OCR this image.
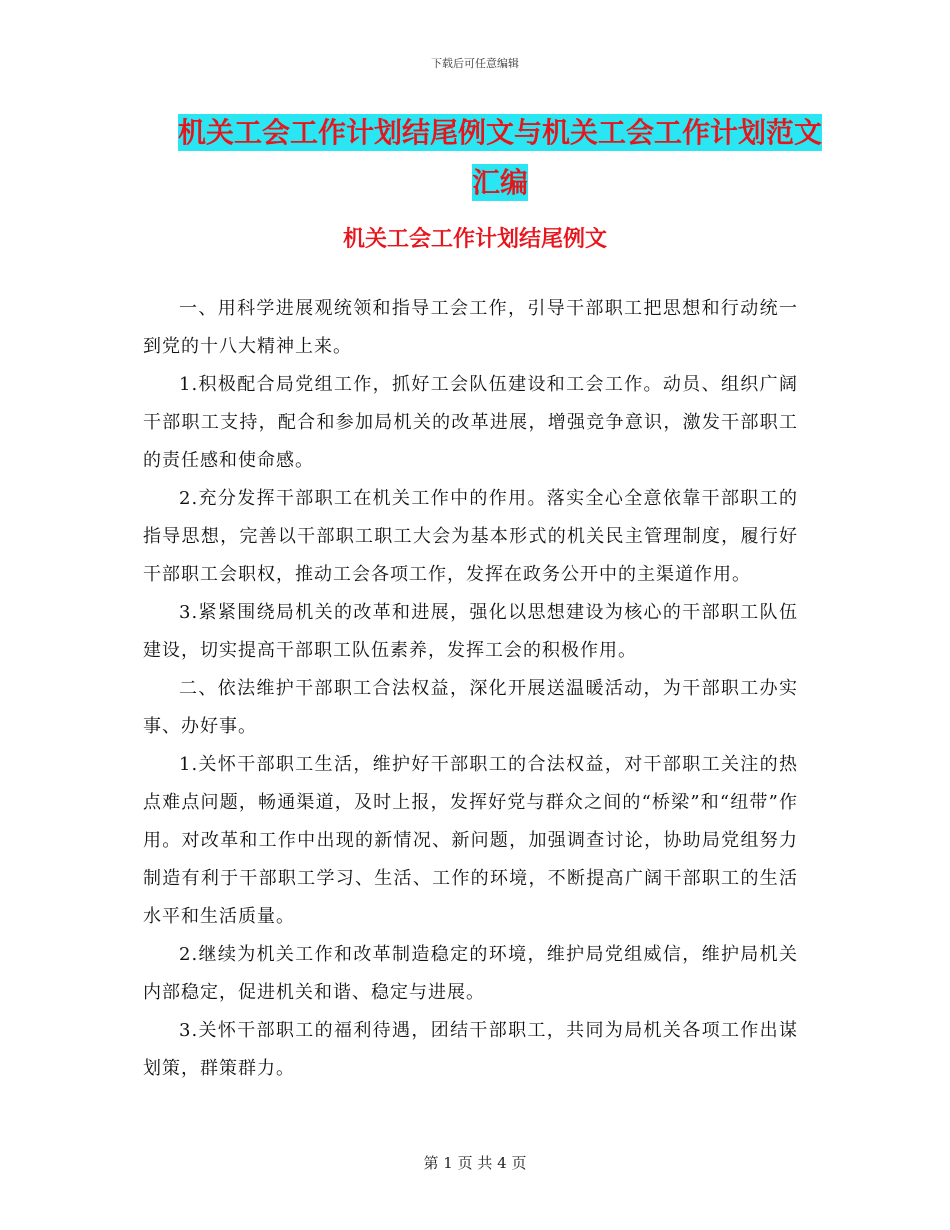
下载后可任意编辑
机关工会工作计划结尾例文与机关工会工作计划范文
汇编
机关工会工作计划结尾例文

一、用科学进展观统领和指导工会工作，引导干部职工把思想和行动统一到党的十八大精神上来。

1.积极配合局党组工作，抓好工会队伍建设和工会工作。动员、组织广阔干部职工支持，配合和参加局机关的改革进展，增强竞争意识，激发干部职工的责任感和使命感。

2.充分发挥干部职工在机关工作中的作用。落实全心全意依靠干部职工的指导思想，完善以干部职工职工大会为基本形式的机关民主管理制度，履行好干部职工会职权，推动工会各项工作，发挥在政务公开中的主渠道作用。

3.紧紧围绕局机关的改革和进展，强化以思想建设为核心的干部职工队伍建设，切实提高干部职工队伍素养，发挥工会的积极作用。

二、依法维护干部职工合法权益，深化开展送温暖活动，为干部职工办实事、办好事。

1.关怀干部职工生活，维护好干部职工的合法权益，对干部职工关注的热点难点问题，畅通渠道，及时上报，发挥好党与群众之间的“桥梁”和“纽带”作用。对改革和工作中出现的新情况、新问题，加强调查讨论，协助局党组努力制造有利于干部职工学习、生活、工作的环境，不断提高广阔干部职工的生活水平和生活质量。

2.继续为机关工作和改革制造稳定的环境，维护局党组威信，维护局机关内部稳定，促进机关和谐、稳定与进展。

3.关怀干部职工的福利待遇，团结干部职工，共同为局机关各项工作出谋划策，群策群力。

第 1 页 共 4 页
